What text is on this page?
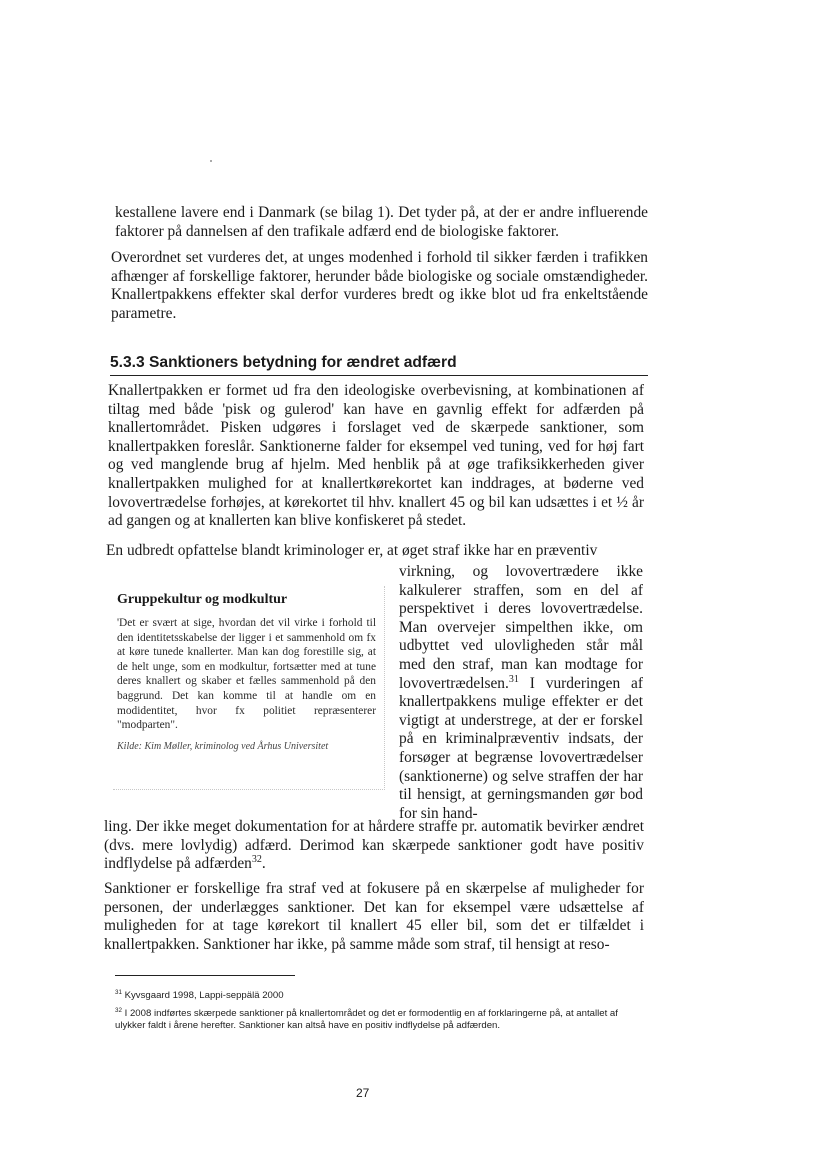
kestallene lavere end i Danmark (se bilag 1). Det tyder på, at der er andre influerende faktorer på dannelsen af den trafikale adfærd end de biologiske faktorer.

Overordnet set vurderes det, at unges modenhed i forhold til sikker færden i trafikken afhænger af forskellige faktorer, herunder både biologiske og sociale omstændigheder. Knallertpakkens effekter skal derfor vurderes bredt og ikke blot ud fra enkeltstående parametre.

5.3.3 Sanktioners betydning for ændret adfærd

Knallertpakken er formet ud fra den ideologiske overbevisning, at kombinationen af tiltag med både 'pisk og gulerod' kan have en gavnlig effekt for adfærden på knallertområdet. Pisken udgøres i forslaget ved de skærpede sanktioner, som knallertpakken foreslår. Sanktionerne falder for eksempel ved tuning, ved for høj fart og ved manglende brug af hjelm. Med henblik på at øge trafiksikkerheden giver knallertpakken mulighed for at knallertkørekortet kan inddrages, at bøderne ved lovovertrædelse forhøjes, at kørekortet til hhv. knallert 45 og bil kan udsættes i et ½ år ad gangen og at knallerten kan blive konfiskeret på stedet.

En udbredt opfattelse blandt kriminologer er, at øget straf ikke har en præventiv

virkning, og lovovertrædere ikke kalkulerer straffen, som en del af perspektivet i deres lovovertrædelse. Man overvejer simpelthen ikke, om udbyttet ved ulovligheden står mål med den straf, man kan modtage for lovovertrædelsen.$^{31}$ I vurderingen af knallertpakkens mulige effekter er det vigtigt at understrege, at der er forskel på en kriminalpræventiv indsats, der forsøger at begrænse lovovertrædelser (sanktionerne) og selve straffen der har til hensigt, at gerningsmanden gør bod for sin hand-

Gruppekultur og modkultur
'Det er svært at sige, hvordan det vil virke i forhold til den identitetsskabelse der ligger i et sammenhold om fx at køre tunede knallerter. Man kan dog forestille sig, at de helt unge, som en modkultur, fortsætter med at tune deres knallert og skaber et fælles sammenhold på den baggrund. Det kan komme til at handle om en modidentitet, hvor fx politiet repræsenterer "modparten".
Kilde: Kim Møller, kriminolog ved Århus Universitet

ling. Der ikke meget dokumentation for at hårdere straffe pr. automatik bevirker ændret (dvs. mere lovlydig) adfærd. Derimod kan skærpede sanktioner godt have positiv indflydelse på adfærden$^{32}$.

Sanktioner er forskellige fra straf ved at fokusere på en skærpelse af muligheder for personen, der underlægges sanktioner. Det kan for eksempel være udsættelse af muligheden for at tage kørekort til knallert 45 eller bil, som det er tilfældet i knallertpakken. Sanktioner har ikke, på samme måde som straf, til hensigt at reso-

$^{31}$ Kyvsgaard 1998, Lappi-seppälä 2000
$^{32}$ I 2008 indførtes skærpede sanktioner på knallertområdet og det er formodentlig en af forklaringerne på, at antallet af ulykker faldt i årene herefter. Sanktioner kan altså have en positiv indflydelse på adfærden.
27
